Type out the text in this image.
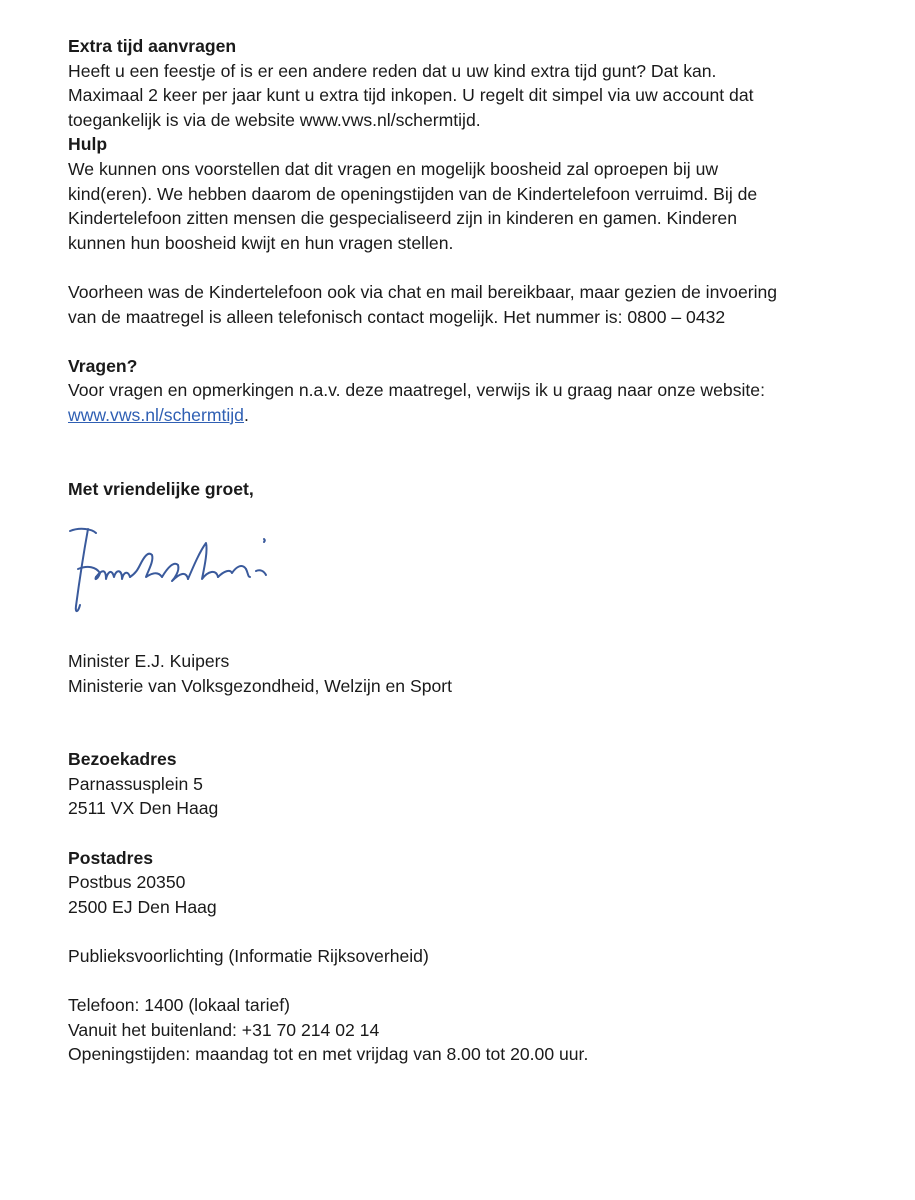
Extra tijd aanvragen
Heeft u een feestje of is er een andere reden dat u uw kind extra tijd gunt? Dat kan.
Maximaal 2 keer per jaar kunt u extra tijd inkopen. U regelt dit simpel via uw account dat
toegankelijk is via de website www.vws.nl/schermtijd.
Hulp
We kunnen ons voorstellen dat dit vragen en mogelijk boosheid zal oproepen bij uw
kind(eren). We hebben daarom de openingstijden van de Kindertelefoon verruimd. Bij de
Kindertelefoon zitten mensen die gespecialiseerd zijn in kinderen en gamen. Kinderen
kunnen hun boosheid kwijt en hun vragen stellen.
Voorheen was de Kindertelefoon ook via chat en mail bereikbaar, maar gezien de invoering
van de maatregel is alleen telefonisch contact mogelijk. Het nummer is: 0800 – 0432
Vragen?
Voor vragen en opmerkingen n.a.v. deze maatregel, verwijs ik u graag naar onze website:
www.vws.nl/schermtijd.
Met vriendelijke groet,
Minister E.J. Kuipers
Ministerie van Volksgezondheid, Welzijn en Sport
Bezoekadres
Parnassusplein 5
2511 VX Den Haag
Postadres
Postbus 20350
2500 EJ Den Haag
Publieksvoorlichting (Informatie Rijksoverheid)
Telefoon: 1400 (lokaal tarief)
Vanuit het buitenland: +31 70 214 02 14
Openingstijden: maandag tot en met vrijdag van 8.00 tot 20.00 uur.
